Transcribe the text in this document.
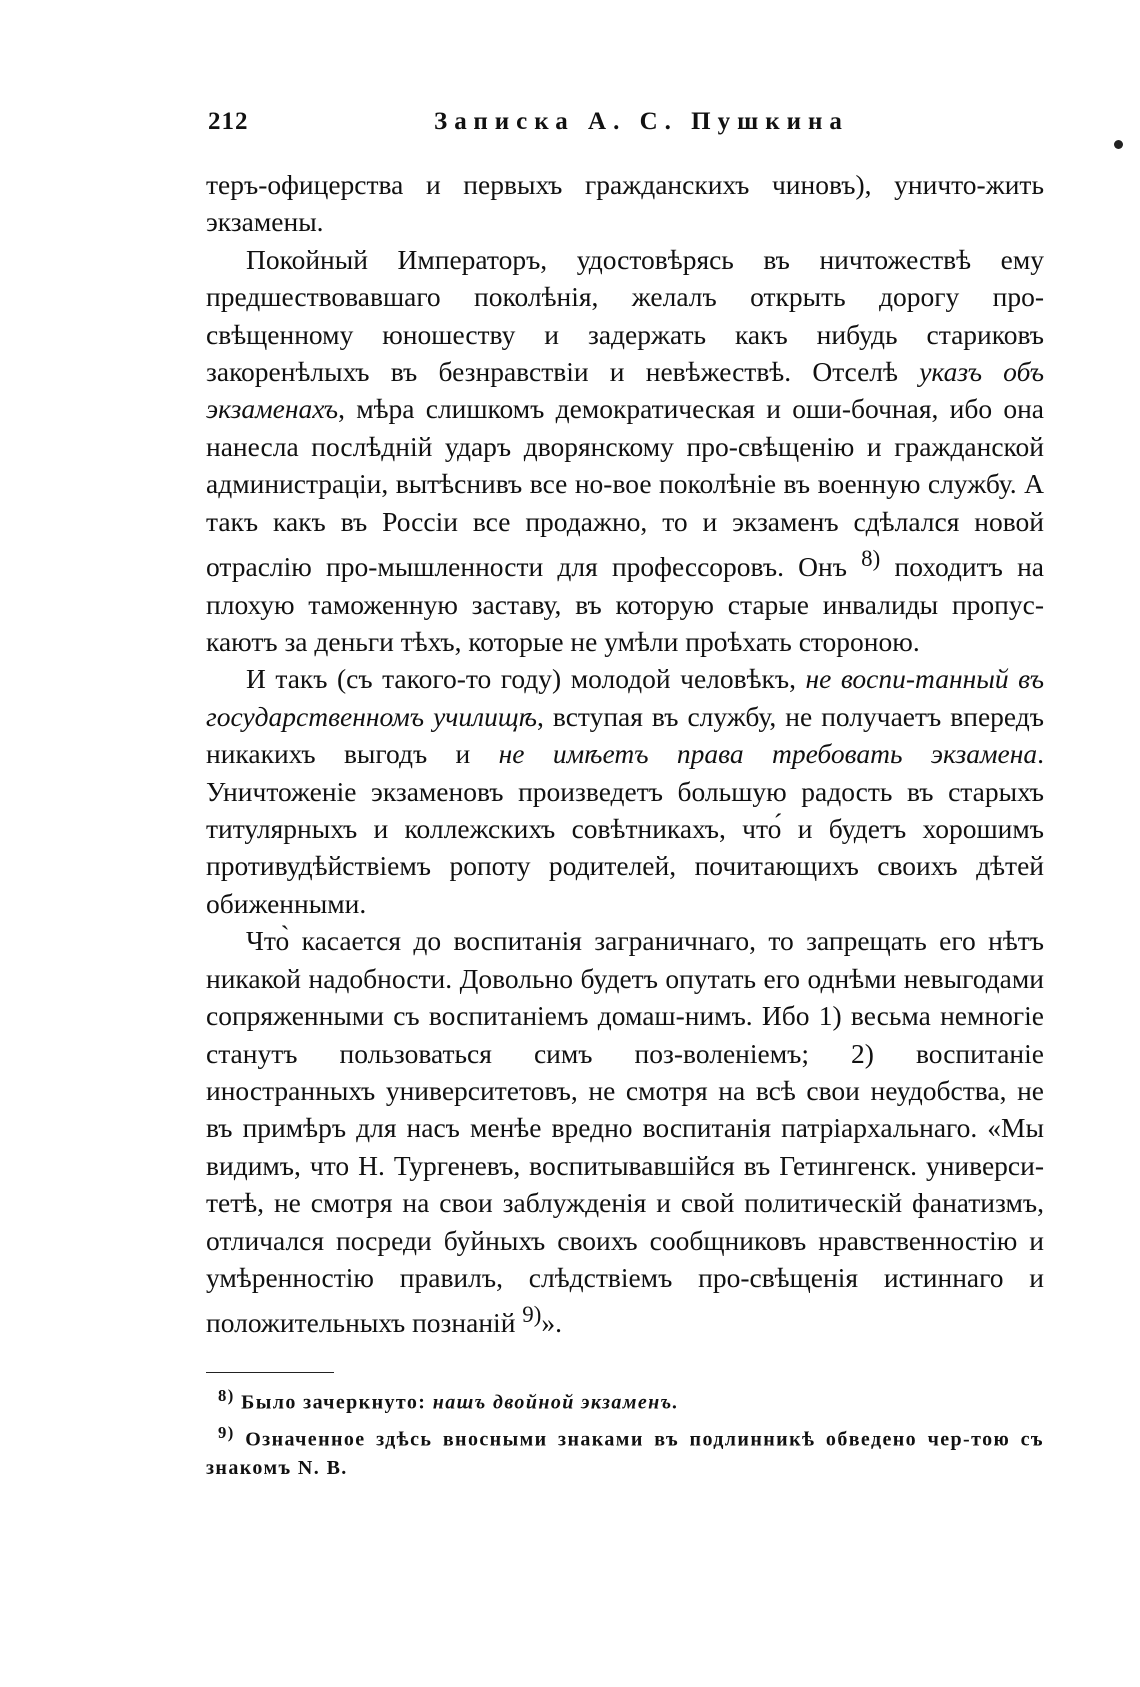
212	Записка А. С. Пушкина

теръ-офицерства и первыхъ гражданскихъ чиновъ), уничто-жить экзамены.

Покойный Императоръ, удостовѣрясь въ ничтожествѣ ему предшествовавшаго поколѣнія, желалъ открыть дорогу про-свѣщенному юношеству и задержать какъ нибудь стариковъ закоренѣлыхъ въ безнравствіи и невѣжествѣ. Отселѣ указъ объ экзаменахъ, мѣра слишкомъ демократическая и оши-бочная, ибо она нанесла послѣдній ударъ дворянскому про-свѣщенію и гражданской администраціи, вытѣснивъ все но-вое поколѣніе въ военную службу. А такъ какъ въ Россіи все продажно, то и экзаменъ сдѣлался новой отраслію про-мышленности для профессоровъ. Онъ $^{8)}$ походитъ на плохую таможенную заставу, въ которую старые инвалиды пропус-каютъ за деньги тѣхъ, которые не умѣли проѣхать стороною.

И такъ (съ такого-то году) молодой человѣкъ, не воспи-танный въ государственномъ училищѣ, вступая въ службу, не получаетъ впередъ никакихъ выгодъ и не имѣетъ права требовать экзамена. Уничтоженіе экзаменовъ произведетъ большую радость въ старыхъ титулярныхъ и коллежскихъ совѣтникахъ, что́ и будетъ хорошимъ противудѣйствіемъ ропоту родителей, почитающихъ своихъ дѣтей обиженными.

Что̀ касается до воспитанія заграничнаго, то запрещать его нѣтъ никакой надобности. Довольно будетъ опутать его однѣми невыгодами сопряженными съ воспитаніемъ домаш-нимъ. Ибо 1) весьма немногіе станутъ пользоваться симъ поз-воленіемъ; 2) воспитаніе иностранныхъ университетовъ, не смотря на всѣ свои неудобства, не въ примѣръ для насъ менѣе вредно воспитанія патріархальнаго. «Мы видимъ, что Н. Тургеневъ, воспитывавшійся въ Гетингенск. универси-тетѣ, не смотря на свои заблужденія и свой политическій фанатизмъ, отличался посреди буйныхъ своихъ сообщниковъ нравственностію и умѣренностію правилъ, слѣдствіемъ про-свѣщенія истиннаго и положительныхъ познаній $^{9)}$».

$^{8)}$ Было зачеркнуто: нашъ двойной экзаменъ.

$^{9)}$ Означенное здѣсь вносными знаками въ подлинникѣ обведено чер-тою съ знакомъ N. B.
